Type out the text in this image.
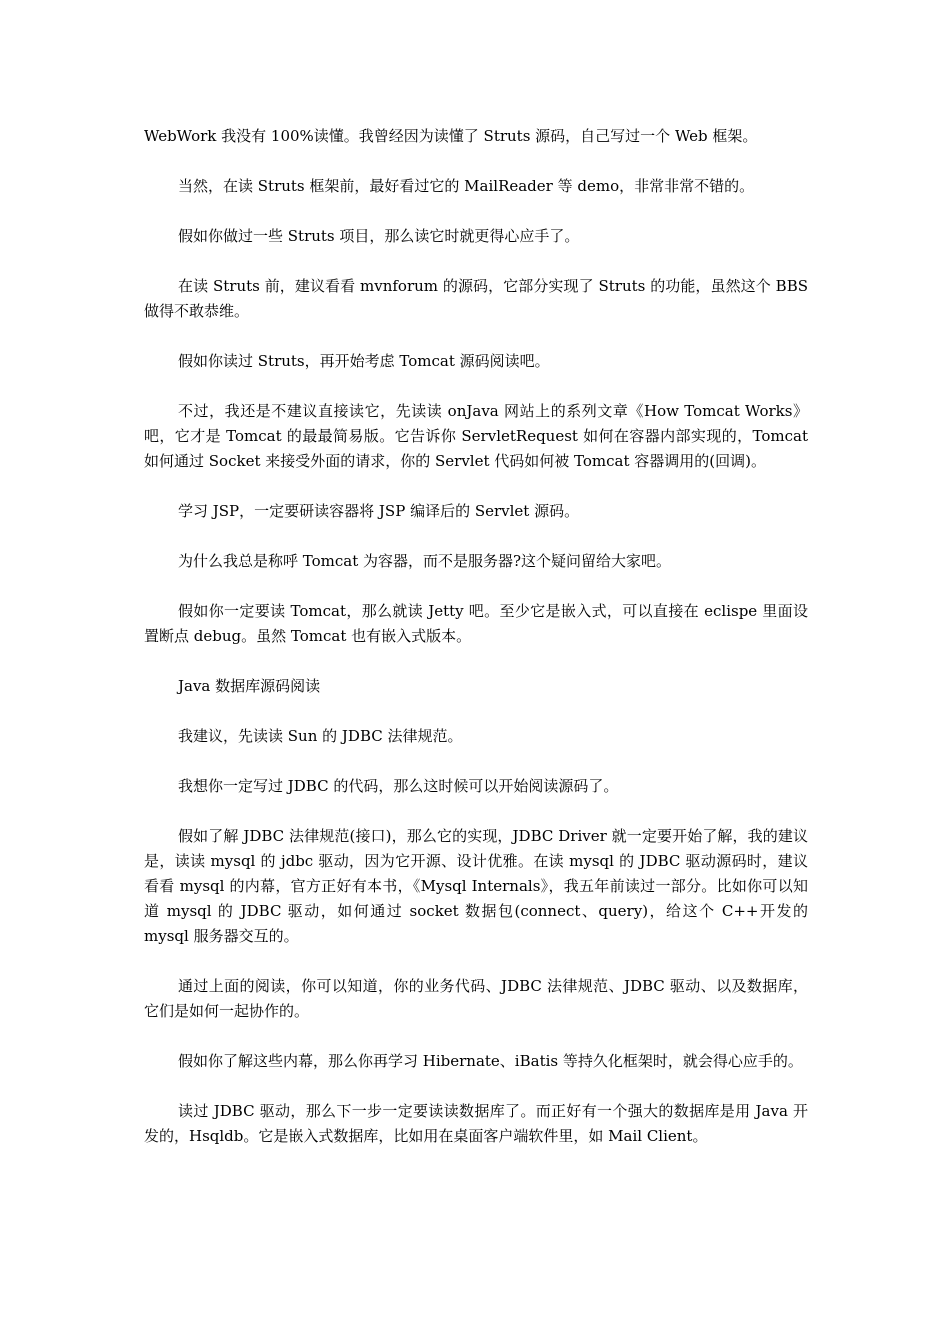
WebWork 我没有 100%读懂。我曾经因为读懂了 Struts 源码，自己写过一个 Web 框架。

当然，在读 Struts 框架前，最好看过它的 MailReader 等 demo，非常非常不错的。

假如你做过一些 Struts 项目，那么读它时就更得心应手了。

在读 Struts 前，建议看看 mvnforum 的源码，它部分实现了 Struts 的功能，虽然这个 BBS 做得不敢恭维。

假如你读过 Struts，再开始考虑 Tomcat 源码阅读吧。

不过，我还是不建议直接读它，先读读 onJava 网站上的系列文章《How Tomcat Works》吧，它才是 Tomcat 的最最简易版。它告诉你 ServletRequest 如何在容器内部实现的，Tomcat 如何通过 Socket 来接受外面的请求，你的 Servlet 代码如何被 Tomcat 容器调用的(回调)。

学习 JSP，一定要研读容器将 JSP 编译后的 Servlet 源码。

为什么我总是称呼 Tomcat 为容器，而不是服务器?这个疑问留给大家吧。

假如你一定要读 Tomcat，那么就读 Jetty 吧。至少它是嵌入式，可以直接在 eclispe 里面设置断点 debug。虽然 Tomcat 也有嵌入式版本。

Java 数据库源码阅读

我建议，先读读 Sun 的 JDBC 法律规范。

我想你一定写过 JDBC 的代码，那么这时候可以开始阅读源码了。

假如了解 JDBC 法律规范(接口)，那么它的实现，JDBC Driver 就一定要开始了解，我的建议是，读读 mysql 的 jdbc 驱动，因为它开源、设计优雅。在读 mysql 的 JDBC 驱动源码时，建议看看 mysql 的内幕，官方正好有本书，《Mysql Internals》，我五年前读过一部分。比如你可以知道 mysql 的 JDBC 驱动，如何通过 socket 数据包(connect、query)，给这个 C++开发的 mysql 服务器交互的。

通过上面的阅读，你可以知道，你的业务代码、JDBC 法律规范、JDBC 驱动、以及数据库，它们是如何一起协作的。

假如你了解这些内幕，那么你再学习 Hibernate、iBatis 等持久化框架时，就会得心应手的。

读过 JDBC 驱动，那么下一步一定要读读数据库了。而正好有一个强大的数据库是用 Java 开发的，Hsqldb。它是嵌入式数据库，比如用在桌面客户端软件里，如 Mail Client。
